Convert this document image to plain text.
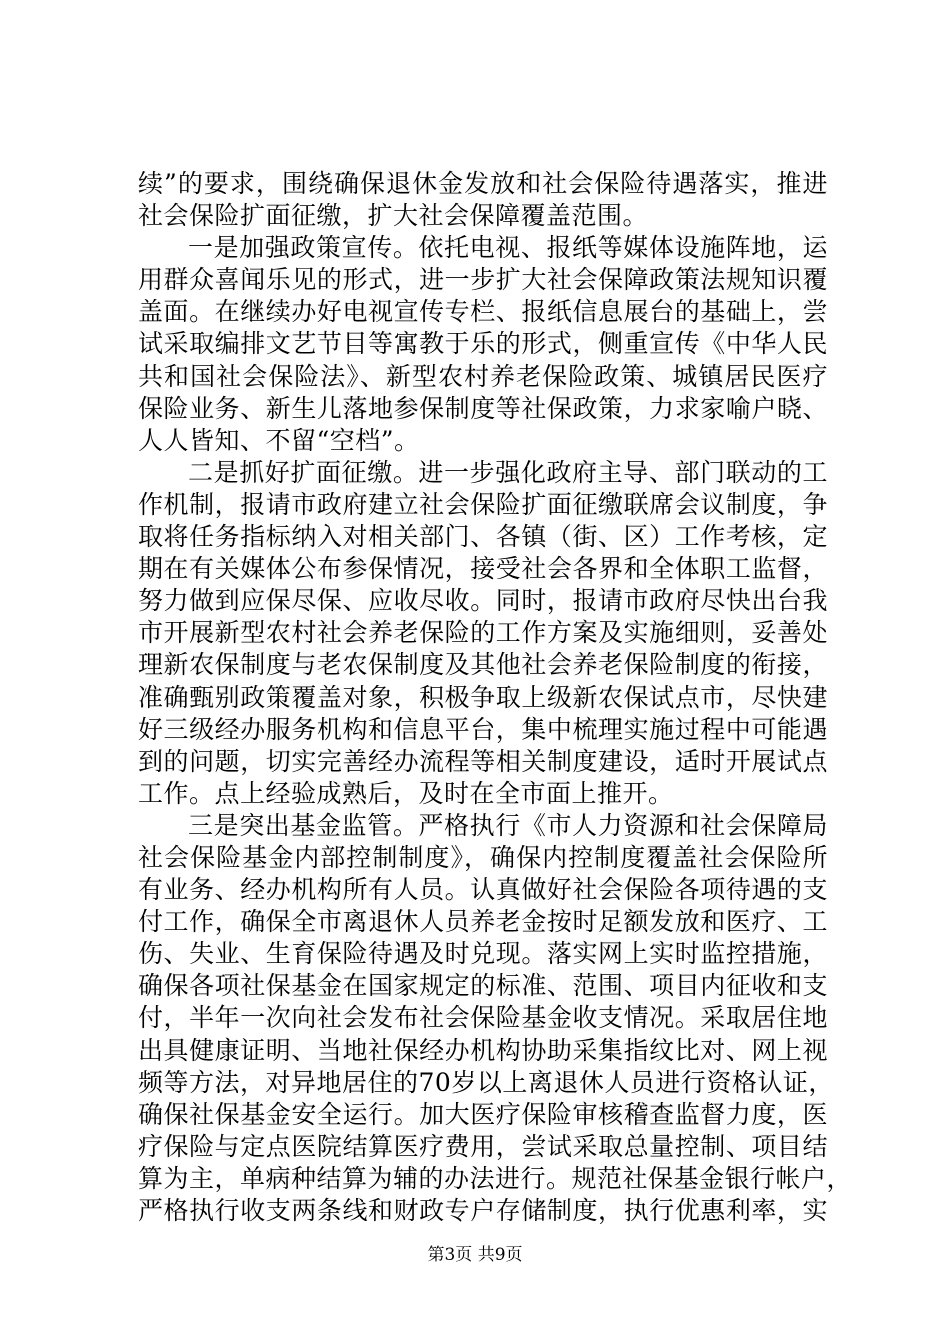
续”的要求，围绕确保退休金发放和社会保险待遇落实，推进
社会保险扩面征缴，扩大社会保障覆盖范围。
一是加强政策宣传。依托电视、报纸等媒体设施阵地，运
用群众喜闻乐见的形式，进一步扩大社会保障政策法规知识覆
盖面。在继续办好电视宣传专栏、报纸信息展台的基础上，尝
试采取编排文艺节目等寓教于乐的形式，侧重宣传《中华人民
共和国社会保险法》、新型农村养老保险政策、城镇居民医疗
保险业务、新生儿落地参保制度等社保政策，力求家喻户晓、
人人皆知、不留“空档”。
二是抓好扩面征缴。进一步强化政府主导、部门联动的工
作机制，报请市政府建立社会保险扩面征缴联席会议制度，争
取将任务指标纳入对相关部门、各镇（街、区）工作考核，定
期在有关媒体公布参保情况，接受社会各界和全体职工监督，
努力做到应保尽保、应收尽收。同时，报请市政府尽快出台我
市开展新型农村社会养老保险的工作方案及实施细则，妥善处
理新农保制度与老农保制度及其他社会养老保险制度的衔接，
准确甄别政策覆盖对象，积极争取上级新农保试点市，尽快建
好三级经办服务机构和信息平台，集中梳理实施过程中可能遇
到的问题，切实完善经办流程等相关制度建设，适时开展试点
工作。点上经验成熟后，及时在全市面上推开。
三是突出基金监管。严格执行《市人力资源和社会保障局
社会保险基金内部控制制度》，确保内控制度覆盖社会保险所
有业务、经办机构所有人员。认真做好社会保险各项待遇的支
付工作，确保全市离退休人员养老金按时足额发放和医疗、工
伤、失业、生育保险待遇及时兑现。落实网上实时监控措施，
确保各项社保基金在国家规定的标准、范围、项目内征收和支
付，半年一次向社会发布社会保险基金收支情况。采取居住地
出具健康证明、当地社保经办机构协助采集指纹比对、网上视
频等方法，对异地居住的70岁以上离退休人员进行资格认证，
确保社保基金安全运行。加大医疗保险审核稽查监督力度，医
疗保险与定点医院结算医疗费用，尝试采取总量控制、项目结
算为主，单病种结算为辅的办法进行。规范社保基金银行帐户，
严格执行收支两条线和财政专户存储制度，执行优惠利率，实
第3页 共9页
